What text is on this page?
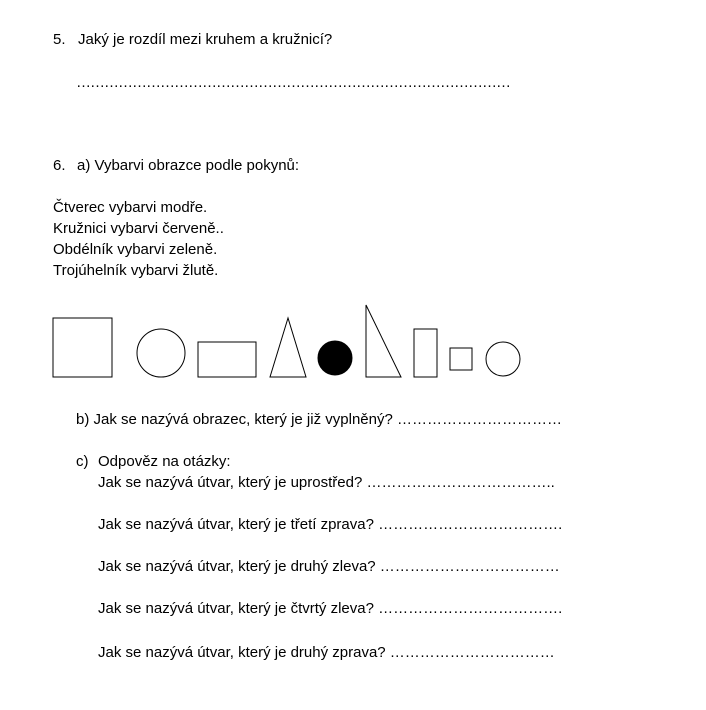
5. Jaký je rozdíl mezi kruhem a kružnicí?
…………………………………………………………………………………
6. a) Vybarvi obrazce podle pokynů:
Čtverec vybarvi modře.
Kružnici vybarvi červeně..
Obdélník vybarvi zeleně.
Trojúhelník vybarvi žlutě.
b) Jak se nazývá obrazec, který je již vyplněný? ……………………………
c) Odpověz na otázky:
Jak se nazývá útvar, který je uprostřed? ………………………………..
Jak se nazývá útvar, který je třetí zprava? ……………………………….
Jak se nazývá útvar, který je druhý zleva? ………………………………
Jak se nazývá útvar, který je čtvrtý zleva? ……………………………….
Jak se nazývá útvar, který je druhý zprava? ……………………………
